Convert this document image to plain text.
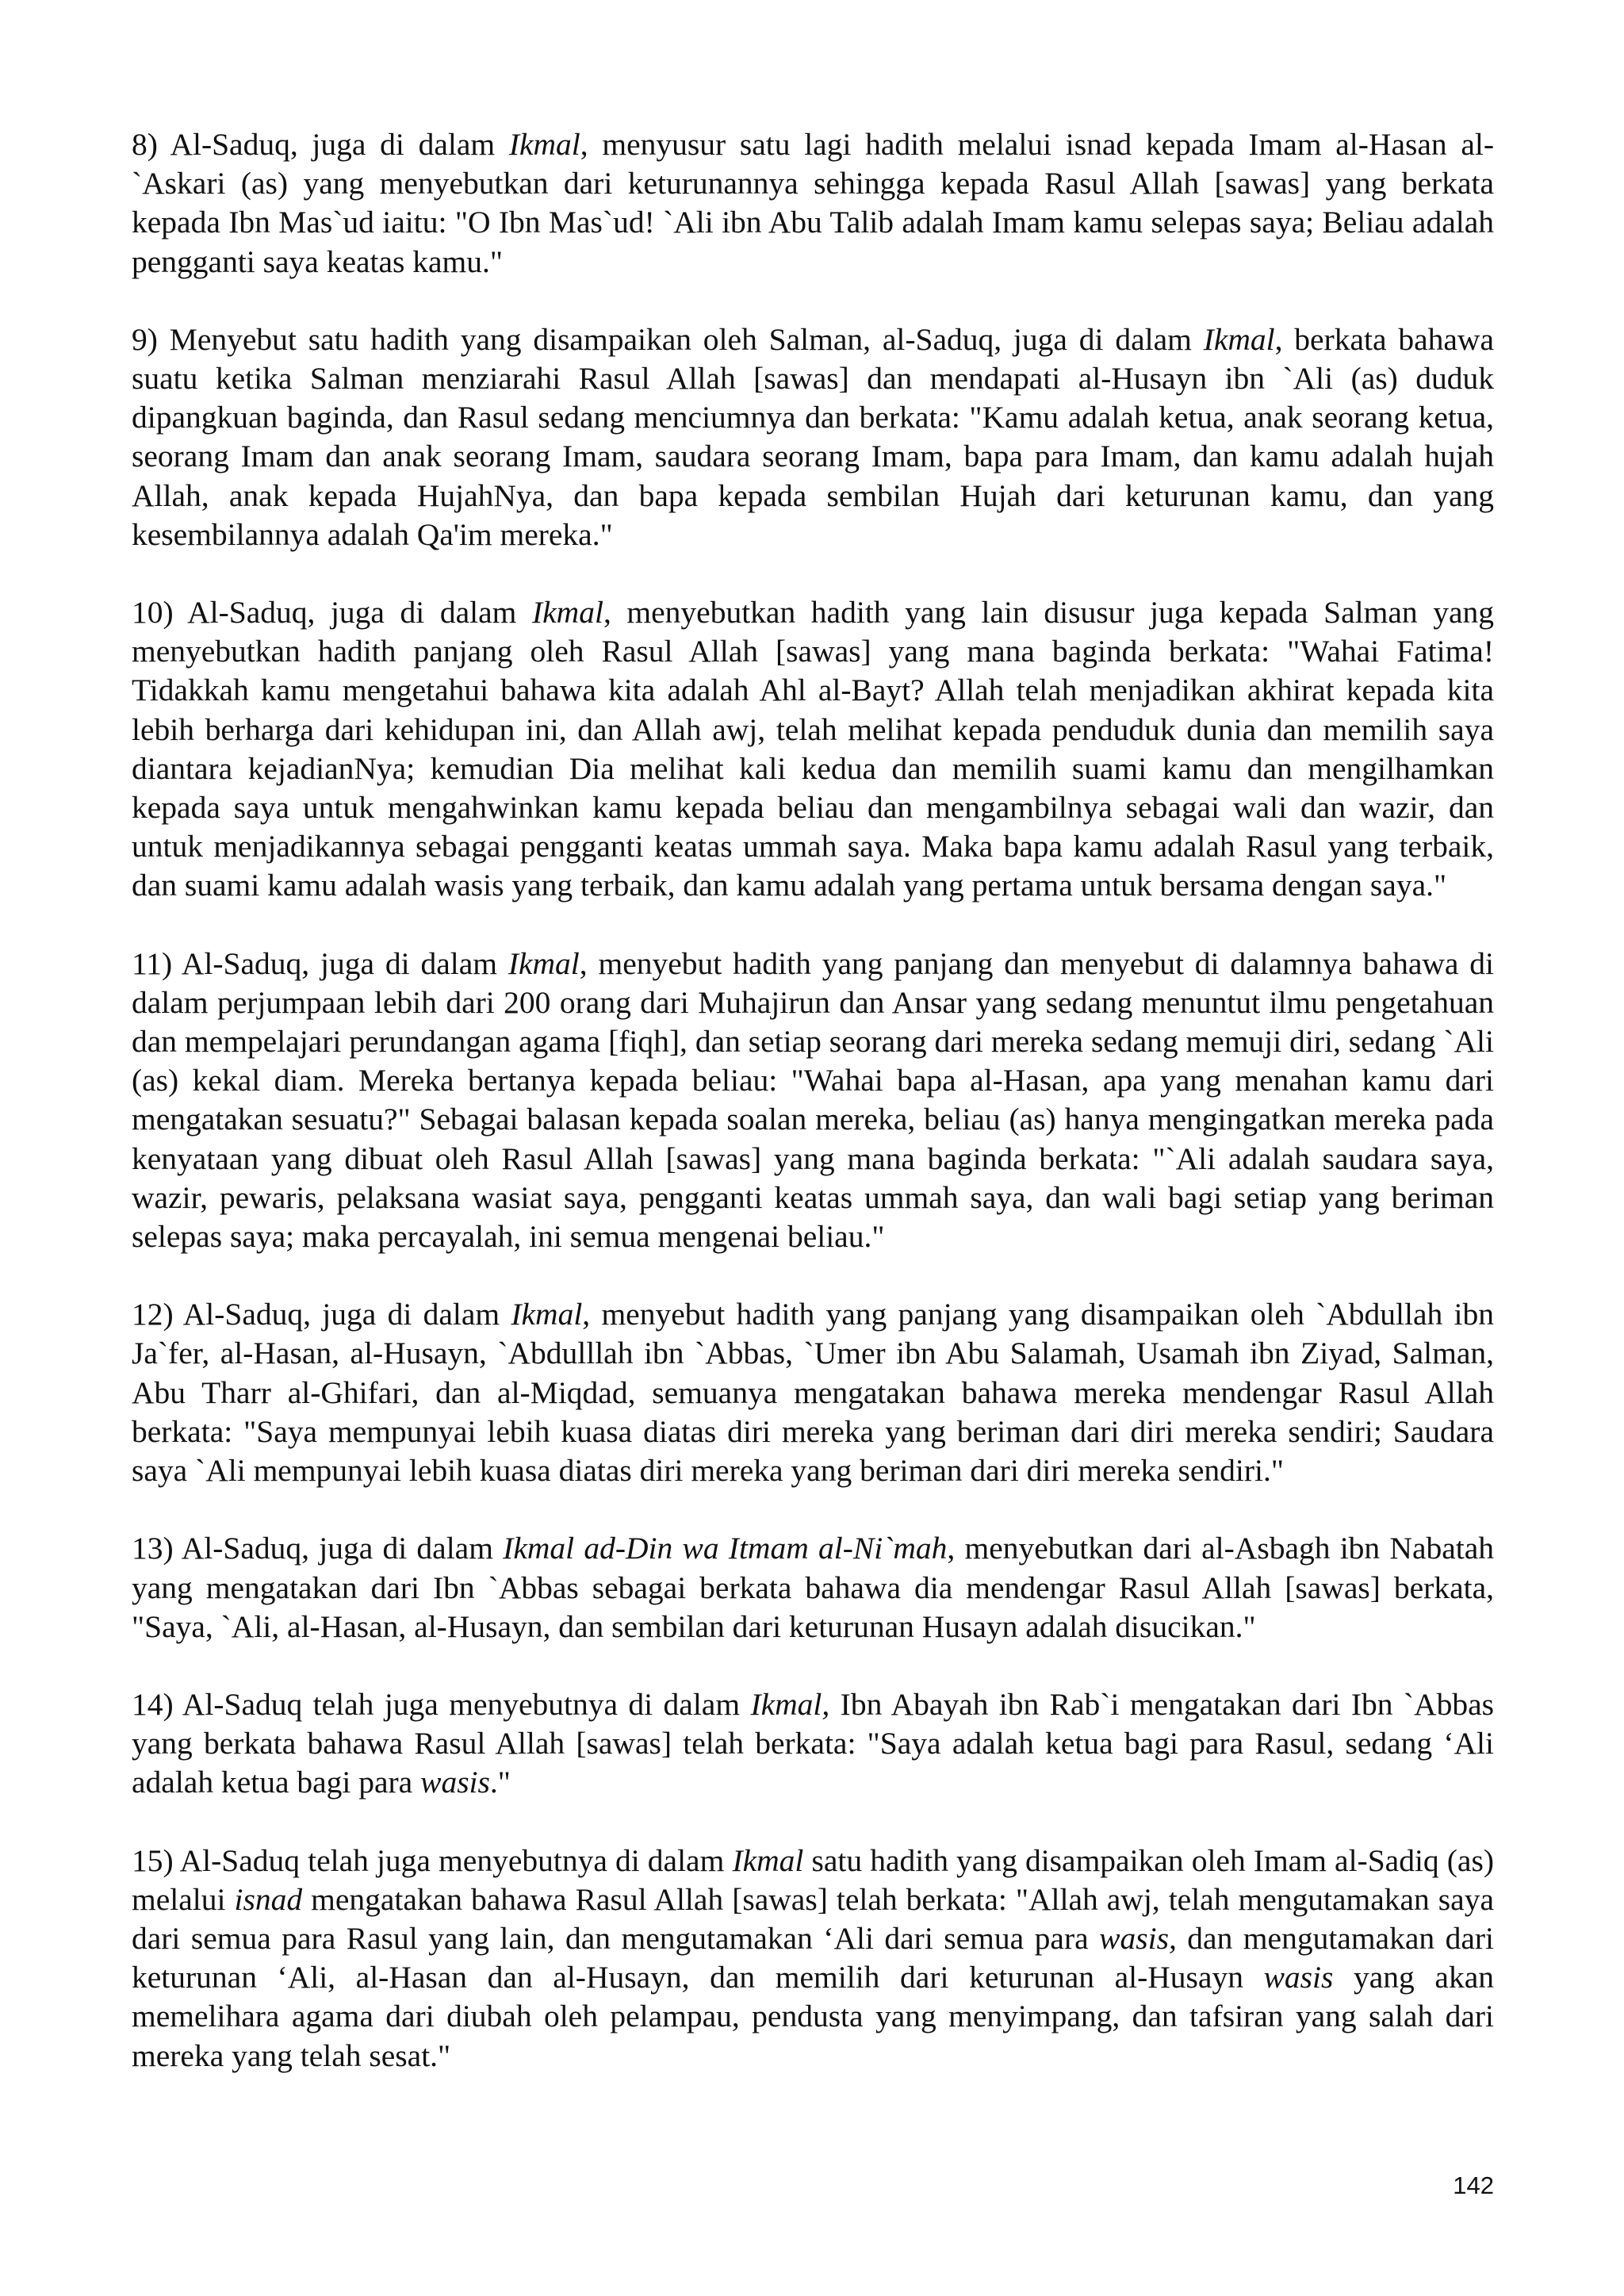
8) Al-Saduq, juga di dalam Ikmal, menyusur satu lagi hadith melalui isnad kepada Imam al-Hasan al-`Askari (as) yang menyebutkan dari keturunannya sehingga kepada Rasul Allah [sawas] yang berkata kepada Ibn Mas`ud iaitu: "O Ibn Mas`ud! `Ali ibn Abu Talib adalah Imam kamu selepas saya; Beliau adalah pengganti saya keatas kamu."

9) Menyebut satu hadith yang disampaikan oleh Salman, al-Saduq, juga di dalam Ikmal, berkata bahawa suatu ketika Salman menziarahi Rasul Allah [sawas] dan mendapati al-Husayn ibn `Ali (as) duduk dipangkuan baginda, dan Rasul sedang menciumnya dan berkata: "Kamu adalah ketua, anak seorang ketua, seorang Imam dan anak seorang Imam, saudara seorang Imam, bapa para Imam, dan kamu adalah hujah Allah, anak kepada HujahNya, dan bapa kepada sembilan Hujah dari keturunan kamu, dan yang kesembilannya adalah Qa'im mereka."

10) Al-Saduq, juga di dalam Ikmal, menyebutkan hadith yang lain disusur juga kepada Salman yang menyebutkan hadith panjang oleh Rasul Allah [sawas] yang mana baginda berkata: "Wahai Fatima! Tidakkah kamu mengetahui bahawa kita adalah Ahl al-Bayt? Allah telah menjadikan akhirat kepada kita lebih berharga dari kehidupan ini, dan Allah awj, telah melihat kepada penduduk dunia dan memilih saya diantara kejadianNya; kemudian Dia melihat kali kedua dan memilih suami kamu dan mengilhamkan kepada saya untuk mengahwinkan kamu kepada beliau dan mengambilnya sebagai wali dan wazir, dan untuk menjadikannya sebagai pengganti keatas ummah saya. Maka bapa kamu adalah Rasul yang terbaik, dan suami kamu adalah wasis yang terbaik, dan kamu adalah yang pertama untuk bersama dengan saya."

11) Al-Saduq, juga di dalam Ikmal, menyebut hadith yang panjang dan menyebut di dalamnya bahawa di dalam perjumpaan lebih dari 200 orang dari Muhajirun dan Ansar yang sedang menuntut ilmu pengetahuan dan mempelajari perundangan agama [fiqh], dan setiap seorang dari mereka sedang memuji diri, sedang `Ali (as) kekal diam. Mereka bertanya kepada beliau: "Wahai bapa al-Hasan, apa yang menahan kamu dari mengatakan sesuatu?" Sebagai balasan kepada soalan mereka, beliau (as) hanya mengingatkan mereka pada kenyataan yang dibuat oleh Rasul Allah [sawas] yang mana baginda berkata: "`Ali adalah saudara saya, wazir, pewaris, pelaksana wasiat saya, pengganti keatas ummah saya, dan wali bagi setiap yang beriman selepas saya; maka percayalah, ini semua mengenai beliau."

12) Al-Saduq, juga di dalam Ikmal, menyebut hadith yang panjang yang disampaikan oleh `Abdullah ibn Ja`fer, al-Hasan, al-Husayn, `Abdulllah ibn `Abbas, `Umer ibn Abu Salamah, Usamah ibn Ziyad, Salman, Abu Tharr al-Ghifari, dan al-Miqdad, semuanya mengatakan bahawa mereka mendengar Rasul Allah berkata: "Saya mempunyai lebih kuasa diatas diri mereka yang beriman dari diri mereka sendiri; Saudara saya `Ali mempunyai lebih kuasa diatas diri mereka yang beriman dari diri mereka sendiri."

13) Al-Saduq, juga di dalam Ikmal ad-Din wa Itmam al-Ni`mah, menyebutkan dari al-Asbagh ibn Nabatah yang mengatakan dari Ibn `Abbas sebagai berkata bahawa dia mendengar Rasul Allah [sawas] berkata, "Saya, `Ali, al-Hasan, al-Husayn, dan sembilan dari keturunan Husayn adalah disucikan."

14) Al-Saduq telah juga menyebutnya di dalam Ikmal, Ibn Abayah ibn Rab`i mengatakan dari Ibn `Abbas yang berkata bahawa Rasul Allah [sawas] telah berkata: "Saya adalah ketua bagi para Rasul, sedang ‘Ali adalah ketua bagi para wasis."

15) Al-Saduq telah juga menyebutnya di dalam Ikmal satu hadith yang disampaikan oleh Imam al-Sadiq (as) melalui isnad mengatakan bahawa Rasul Allah [sawas] telah berkata: "Allah awj, telah mengutamakan saya dari semua para Rasul yang lain, dan mengutamakan ‘Ali dari semua para wasis, dan mengutamakan dari keturunan ‘Ali, al-Hasan dan al-Husayn, dan memilih dari keturunan al-Husayn wasis yang akan memelihara agama dari diubah oleh pelampau, pendusta yang menyimpang, dan tafsiran yang salah dari mereka yang telah sesat."

142
